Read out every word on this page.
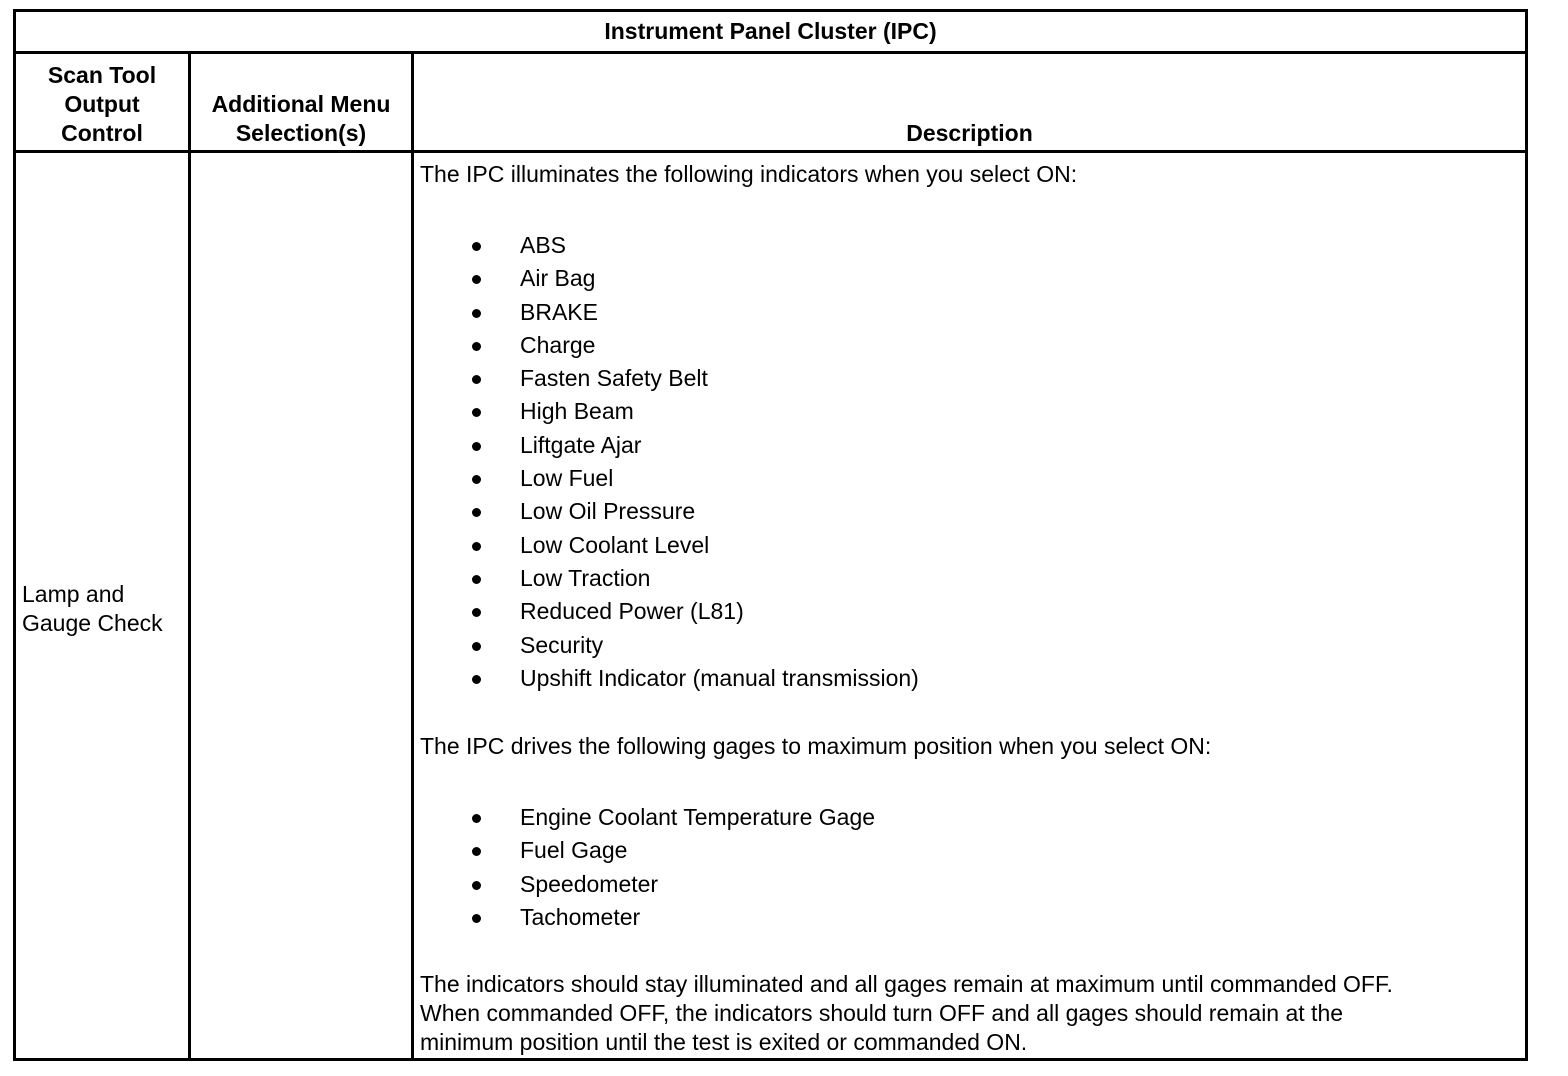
Instrument Panel Cluster (IPC)
Scan Tool
Output
Control
Additional Menu
Selection(s)	Description
Lamp and
Gauge Check
The IPC illuminates the following indicators when you select ON:
ABS
Air Bag
BRAKE
Charge
Fasten Safety Belt
High Beam
Liftgate Ajar
Low Fuel
Low Oil Pressure
Low Coolant Level
Low Traction
Reduced Power (L81)
Security
Upshift Indicator (manual transmission)
The IPC drives the following gages to maximum position when you select ON:
Engine Coolant Temperature Gage
Fuel Gage
Speedometer
Tachometer
The indicators should stay illuminated and all gages remain at maximum until commanded OFF.
When commanded OFF, the indicators should turn OFF and all gages should remain at the
minimum position until the test is exited or commanded ON.
